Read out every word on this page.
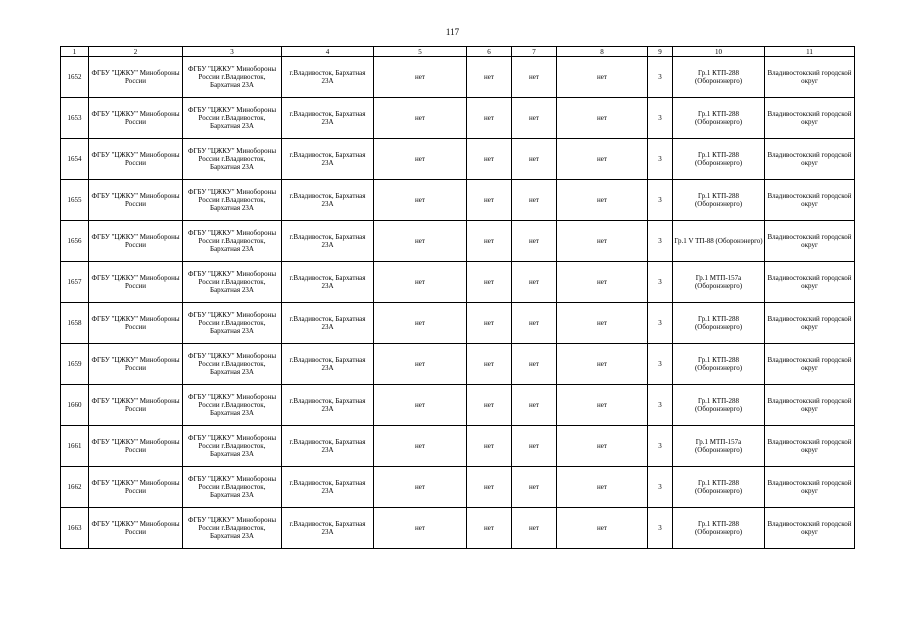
117
1	2	3	4	5	6	7	8	9	10	11
1652	ФГБУ "ЦЖКУ" Минобороны России	ФГБУ "ЦЖКУ" Минобороны России г.Владивосток, Бархатная 23А	г.Владивосток, Бархатная 23А	нет	нет	нет	нет	3	Гр.1 КТП-288 (Оборонэнерго)	Владивостокский городской округ
1653	ФГБУ "ЦЖКУ" Минобороны России	ФГБУ "ЦЖКУ" Минобороны России г.Владивосток, Бархатная 23А	г.Владивосток, Бархатная 23А	нет	нет	нет	нет	3	Гр.1 КТП-288 (Оборонэнерго)	Владивостокский городской округ
1654	ФГБУ "ЦЖКУ" Минобороны России	ФГБУ "ЦЖКУ" Минобороны России г.Владивосток, Бархатная 23А	г.Владивосток, Бархатная 23А	нет	нет	нет	нет	3	Гр.1 КТП-288 (Оборонэнерго)	Владивостокский городской округ
1655	ФГБУ "ЦЖКУ" Минобороны России	ФГБУ "ЦЖКУ" Минобороны России г.Владивосток, Бархатная 23А	г.Владивосток, Бархатная 23А	нет	нет	нет	нет	3	Гр.1 КТП-288 (Оборонэнерго)	Владивостокский городской округ
1656	ФГБУ "ЦЖКУ" Минобороны России	ФГБУ "ЦЖКУ" Минобороны России г.Владивосток, Бархатная 23А	г.Владивосток, Бархатная 23А	нет	нет	нет	нет	3	Гр.1 V ТП-88 (Оборонэнерго)	Владивостокский городской округ
1657	ФГБУ "ЦЖКУ" Минобороны России	ФГБУ "ЦЖКУ" Минобороны России г.Владивосток, Бархатная 23А	г.Владивосток, Бархатная 23А	нет	нет	нет	нет	3	Гр.1 МТП-157а (Оборонэнерго)	Владивостокский городской округ
1658	ФГБУ "ЦЖКУ" Минобороны России	ФГБУ "ЦЖКУ" Минобороны России г.Владивосток, Бархатная 23А	г.Владивосток, Бархатная 23А	нет	нет	нет	нет	3	Гр.1 КТП-288 (Оборонэнерго)	Владивостокский городской округ
1659	ФГБУ "ЦЖКУ" Минобороны России	ФГБУ "ЦЖКУ" Минобороны России г.Владивосток, Бархатная 23А	г.Владивосток, Бархатная 23А	нет	нет	нет	нет	3	Гр.1 КТП-288 (Оборонэнерго)	Владивостокский городской округ
1660	ФГБУ "ЦЖКУ" Минобороны России	ФГБУ "ЦЖКУ" Минобороны России г.Владивосток, Бархатная 23А	г.Владивосток, Бархатная 23А	нет	нет	нет	нет	3	Гр.1 КТП-288 (Оборонэнерго)	Владивостокский городской округ
1661	ФГБУ "ЦЖКУ" Минобороны России	ФГБУ "ЦЖКУ" Минобороны России г.Владивосток, Бархатная 23А	г.Владивосток, Бархатная 23А	нет	нет	нет	нет	3	Гр.1 МТП-157а (Оборонэнерго)	Владивостокский городской округ
1662	ФГБУ "ЦЖКУ" Минобороны России	ФГБУ "ЦЖКУ" Минобороны России г.Владивосток, Бархатная 23А	г.Владивосток, Бархатная 23А	нет	нет	нет	нет	3	Гр.1 КТП-288 (Оборонэнерго)	Владивостокский городской округ
1663	ФГБУ "ЦЖКУ" Минобороны России	ФГБУ "ЦЖКУ" Минобороны России г.Владивосток, Бархатная 23А	г.Владивосток, Бархатная 23А	нет	нет	нет	нет	3	Гр.1 КТП-288 (Оборонэнерго)	Владивостокский городской округ
